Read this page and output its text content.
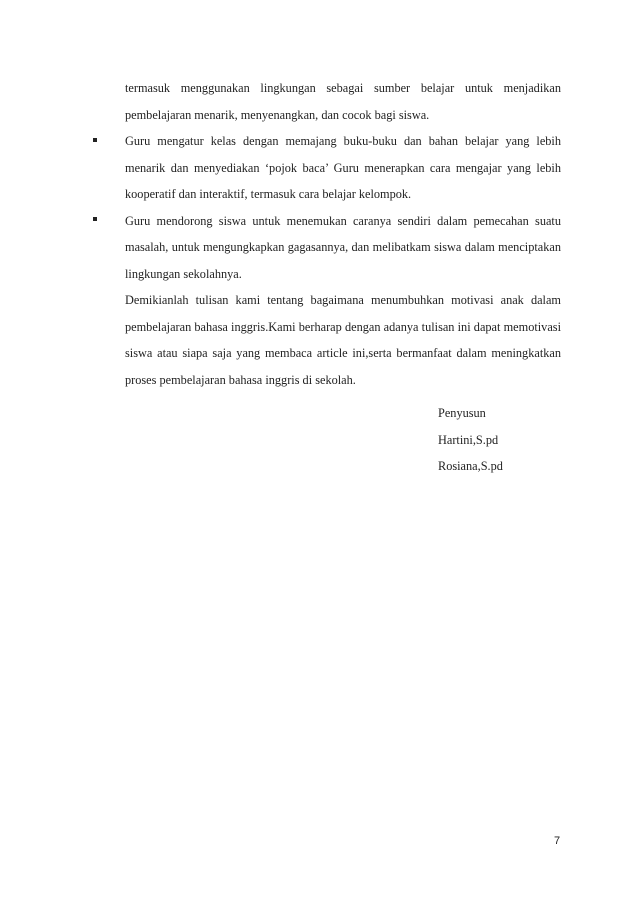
termasuk menggunakan lingkungan sebagai sumber belajar untuk menjadikan pembelajaran menarik, menyenangkan, dan cocok bagi siswa.

Guru mengatur kelas dengan memajang buku-buku dan bahan belajar yang lebih menarik dan menyediakan ‘pojok baca’ Guru menerapkan cara mengajar yang lebih kooperatif dan interaktif, termasuk cara belajar kelompok.

Guru mendorong siswa untuk menemukan caranya sendiri dalam pemecahan suatu masalah, untuk mengungkapkan gagasannya, dan melibatkam siswa dalam menciptakan lingkungan sekolahnya.

Demikianlah tulisan kami tentang bagaimana menumbuhkan motivasi anak dalam pembelajaran bahasa inggris.Kami berharap dengan adanya tulisan ini dapat memotivasi siswa atau siapa saja yang membaca article ini,serta bermanfaat dalam meningkatkan proses pembelajaran bahasa inggris di sekolah.

Penyusun
Hartini,S.pd
Rosiana,S.pd
7
